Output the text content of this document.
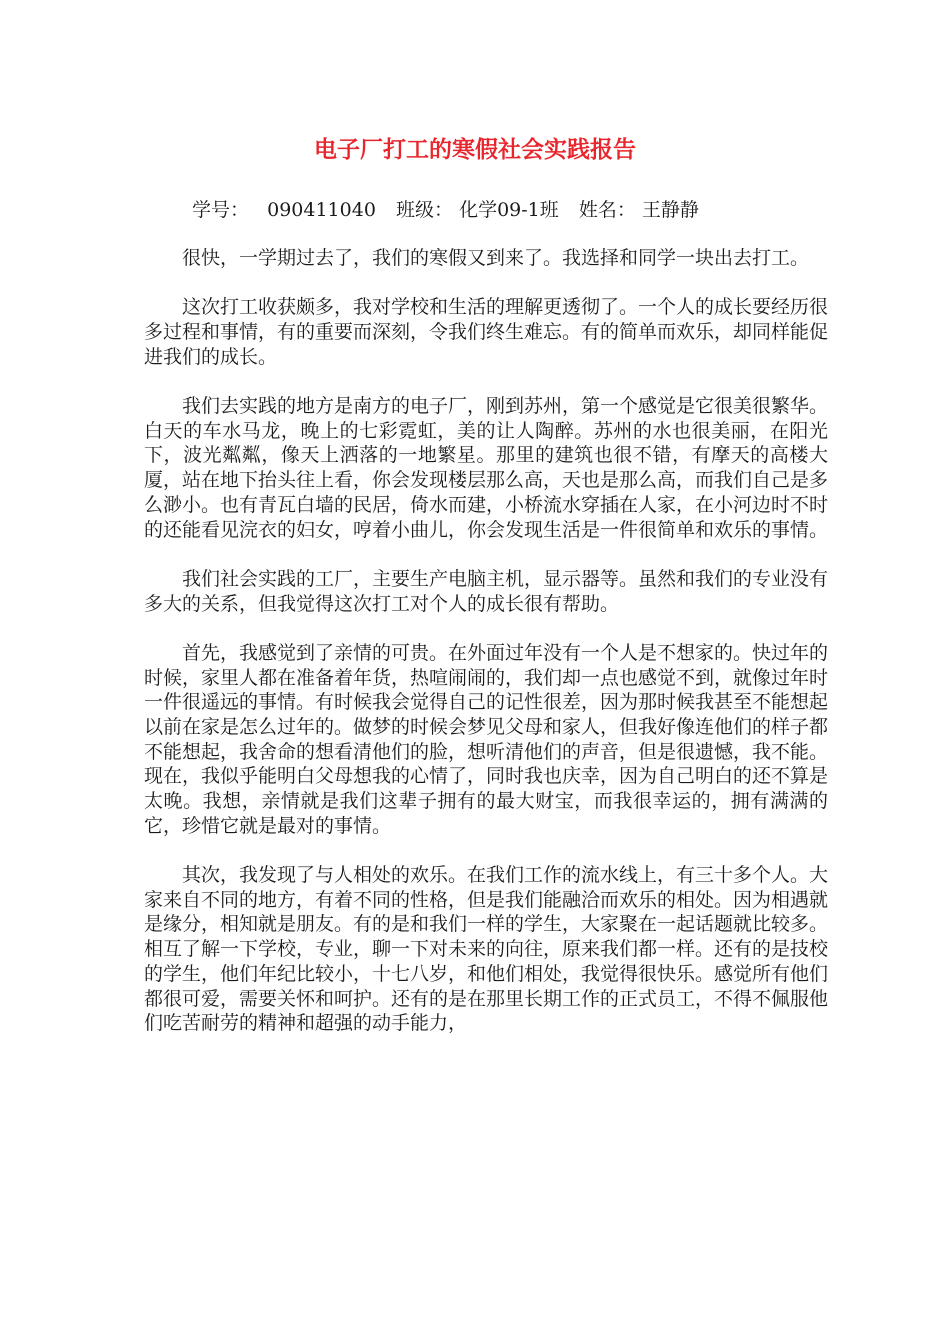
电子厂打工的寒假社会实践报告
学号： 090411040 班级： 化学09-1班 姓名： 王静静

很快，一学期过去了，我们的寒假又到来了。我选择和同学一块出去打工。

这次打工收获颇多，我对学校和生活的理解更透彻了。一个人的成长要经历很多过程和事情，有的重要而深刻，令我们终生难忘。有的简单而欢乐，却同样能促进我们的成长。

我们去实践的地方是南方的电子厂，刚到苏州，第一个感觉是它很美很繁华。白天的车水马龙，晚上的七彩霓虹，美的让人陶醉。苏州的水也很美丽，在阳光下，波光粼粼，像天上洒落的一地繁星。那里的建筑也很不错，有摩天的高楼大厦，站在地下抬头往上看，你会发现楼层那么高，天也是那么高，而我们自己是多么渺小。也有青瓦白墙的民居，倚水而建，小桥流水穿插在人家，在小河边时不时的还能看见浣衣的妇女，哼着小曲儿，你会发现生活是一件很简单和欢乐的事情。

我们社会实践的工厂，主要生产电脑主机，显示器等。虽然和我们的专业没有多大的关系，但我觉得这次打工对个人的成长很有帮助。

首先，我感觉到了亲情的可贵。在外面过年没有一个人是不想家的。快过年的时候，家里人都在准备着年货，热喧闹闹的，我们却一点也感觉不到，就像过年时一件很遥远的事情。有时候我会觉得自己的记性很差，因为那时候我甚至不能想起以前在家是怎么过年的。做梦的时候会梦见父母和家人，但我好像连他们的样子都不能想起，我舍命的想看清他们的脸，想听清他们的声音，但是很遗憾，我不能。现在，我似乎能明白父母想我的心情了，同时我也庆幸，因为自己明白的还不算是太晚。我想，亲情就是我们这辈子拥有的最大财宝，而我很幸运的，拥有满满的它，珍惜它就是最对的事情。

其次，我发现了与人相处的欢乐。在我们工作的流水线上，有三十多个人。大家来自不同的地方，有着不同的性格，但是我们能融洽而欢乐的相处。因为相遇就是缘分，相知就是朋友。有的是和我们一样的学生，大家聚在一起话题就比较多。相互了解一下学校，专业，聊一下对未来的向往，原来我们都一样。还有的是技校的学生，他们年纪比较小，十七八岁，和他们相处，我觉得很快乐。感觉所有他们都很可爱，需要关怀和呵护。还有的是在那里长期工作的正式员工，不得不佩服他们吃苦耐劳的精神和超强的动手能力，
